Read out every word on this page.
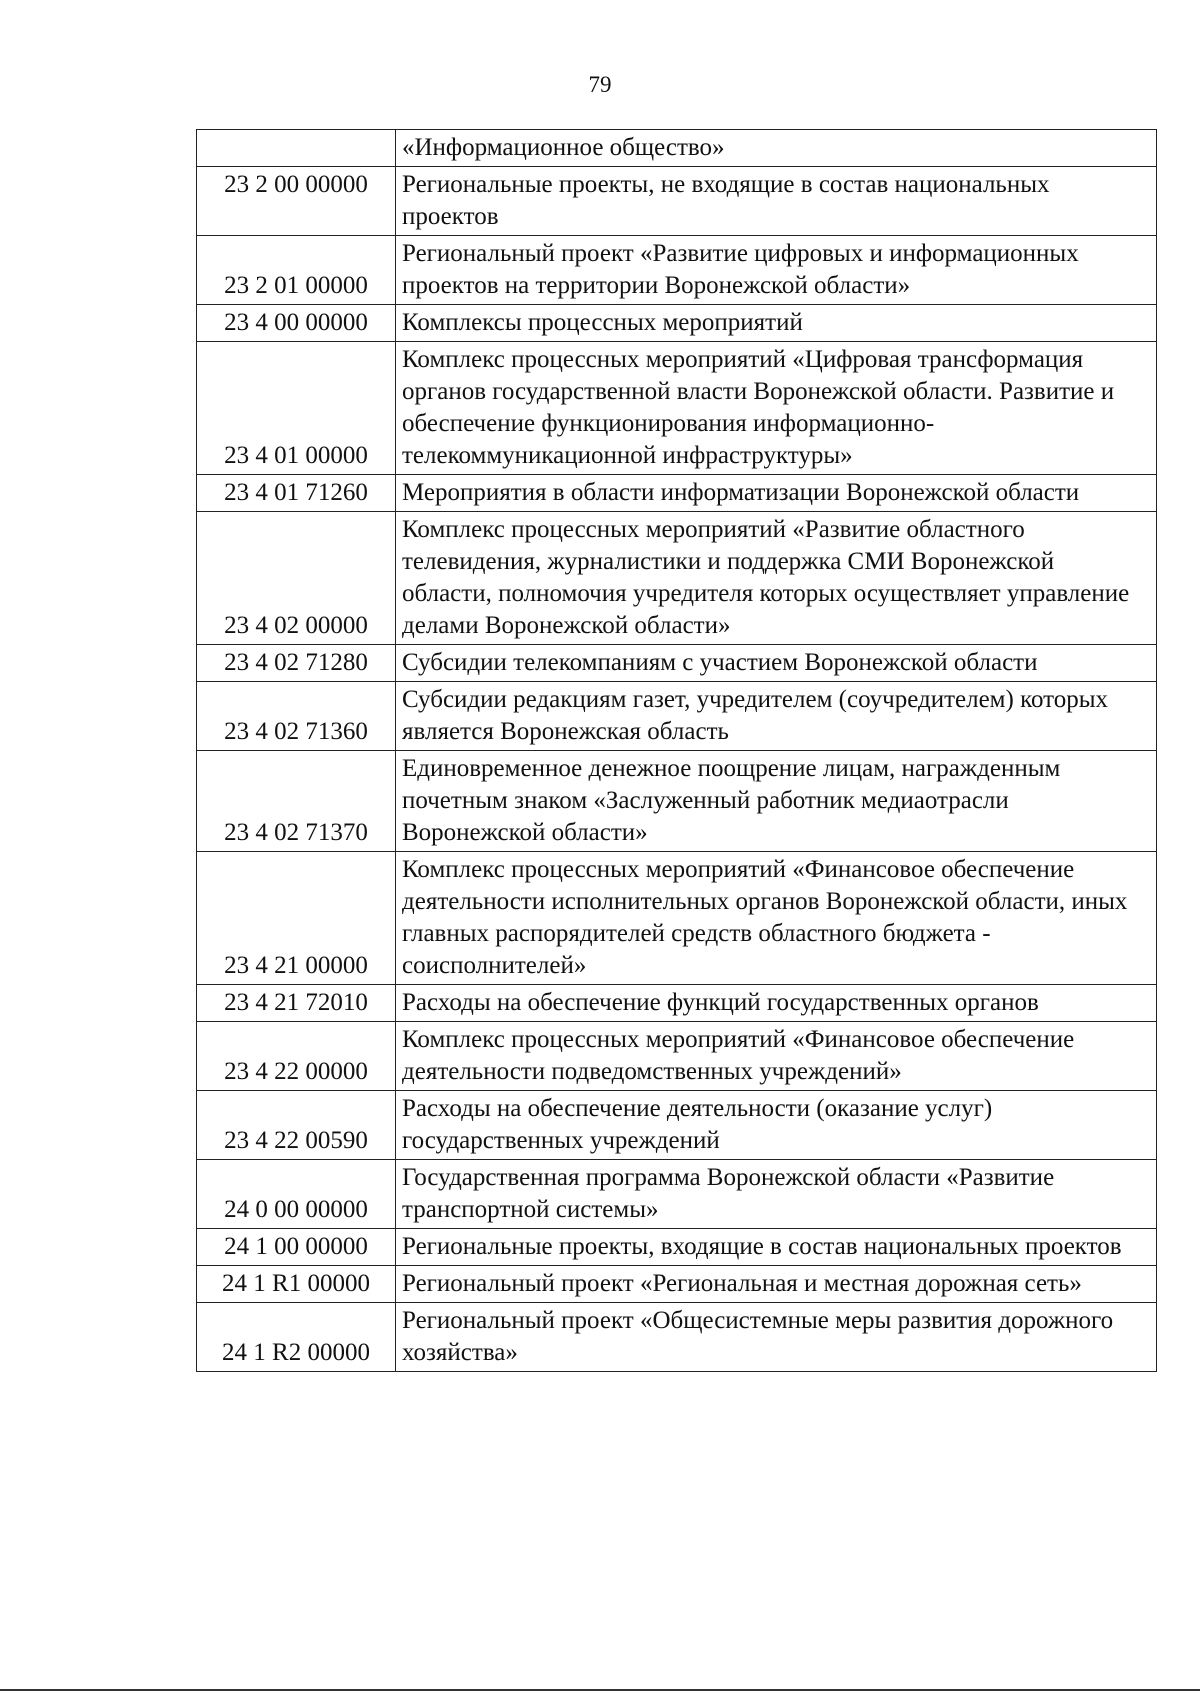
79
	«Информационное общество»
23 2 00 00000	Региональные проекты, не входящие в состав национальных проектов
23 2 01 00000	Региональный проект «Развитие цифровых и информационных проектов на территории Воронежской области»
23 4 00 00000	Комплексы процессных мероприятий
23 4 01 00000	Комплекс процессных мероприятий «Цифровая трансформация органов государственной власти Воронежской области. Развитие и обеспечение функционирования информационно-телекоммуникационной инфраструктуры»
23 4 01 71260	Мероприятия в области информатизации Воронежской области
23 4 02 00000	Комплекс процессных мероприятий «Развитие областного телевидения, журналистики и поддержка СМИ Воронежской области, полномочия учредителя которых осуществляет управление делами Воронежской области»
23 4 02 71280	Субсидии телекомпаниям с участием Воронежской области
23 4 02 71360	Субсидии редакциям газет, учредителем (соучредителем) которых является Воронежская область
23 4 02 71370	Единовременное денежное поощрение лицам, награжденным почетным знаком «Заслуженный работник медиаотрасли Воронежской области»
23 4 21 00000	Комплекс процессных мероприятий «Финансовое обеспечение деятельности исполнительных органов Воронежской области, иных главных распорядителей средств областного бюджета - соисполнителей»
23 4 21 72010	Расходы на обеспечение функций государственных органов
23 4 22 00000	Комплекс процессных мероприятий «Финансовое обеспечение деятельности подведомственных учреждений»
23 4 22 00590	Расходы на обеспечение деятельности (оказание услуг) государственных учреждений
24 0 00 00000	Государственная программа Воронежской области «Развитие транспортной системы»
24 1 00 00000	Региональные проекты, входящие в состав национальных проектов
24 1 R1 00000	Региональный проект «Региональная и местная дорожная сеть»
24 1 R2 00000	Региональный проект «Общесистемные меры развития дорожного хозяйства»
